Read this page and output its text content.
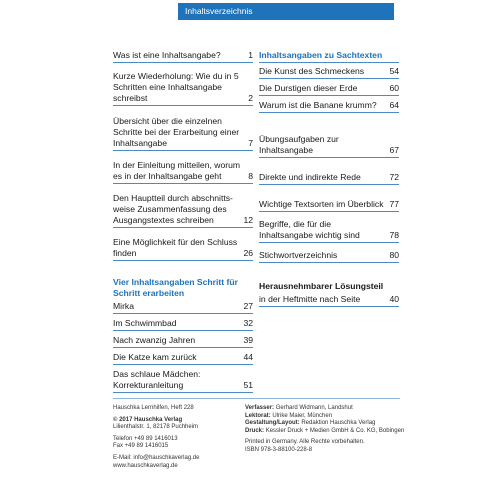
Inhaltsverzeichnis
Was ist eine Inhaltsangabe?	1
Kurze Wiederholung: Wie du in 5 Schritten eine Inhaltsangabe schreibst	2
Übersicht über die einzelnen Schritte bei der Erarbeitung einer Inhaltsangabe	7
In der Einleitung mitteilen, worum es in der Inhaltsangabe geht	8
Den Hauptteil durch abschnitts-weise Zusammenfassung des Ausgangstextes schreiben	12
Eine Möglichkeit für den Schluss finden	26
Vier Inhaltsangaben Schritt für Schritt erarbeiten
Mirka	27
Im Schwimmbad	32
Nach zwanzig Jahren	39
Die Katze kam zurück	44
Das schlaue Mädchen: Korrekturanleitung	51
Inhaltsangaben zu Sachtexten
Die Kunst des Schmeckens	54
Die Durstigen dieser Erde	60
Warum ist die Banane krumm? 64
Übungsaufgaben zur Inhaltsangabe	67
Direkte und indirekte Rede	72
Wichtige Textsorten im Überblick 77
Begriffe, die für die Inhaltsangabe wichtig sind	78
Stichwortverzeichnis	80
Herausnehmbarer Lösungsteil
in der Heftmitte nach Seite	40
Hauschka Lernhilfen, Heft 228
© 2017 Hauschka Verlag
Lilienthalstr. 1, 82178 Puchheim
Telefon +49 89 1416013
Fax +49 89 1416015
E-Mail: info@hauschkaverlag.de
www.hauschkaverlag.de
Verfasser: Gerhard Widmann, Landshut
Lektorat: Ulrike Maier, München
Gestaltung/Layout: Redaktion Hauschka Verlag
Druck: Kessler Druck + Medien GmbH & Co. KG, Bobingen
Printed in Germany. Alle Rechte vorbehalten.
ISBN 978-3-88100-228-8
